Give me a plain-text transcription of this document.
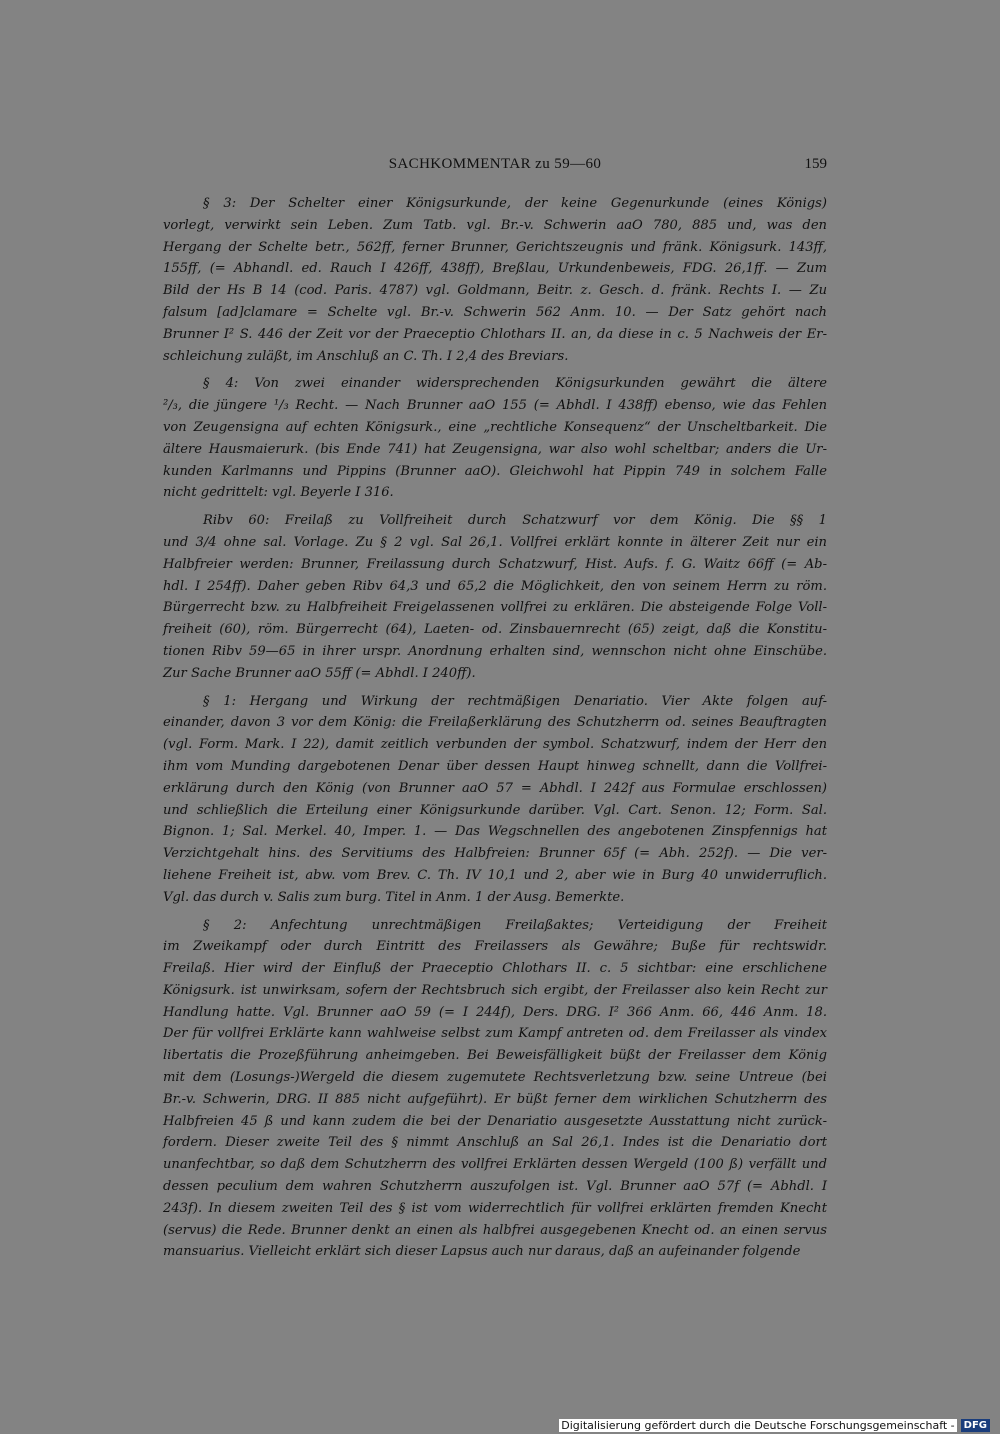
SACHKOMMENTAR zu 59—60	159
§ 3: Der Schelter einer Königsurkunde, der keine Gegenurkunde (eines Königs)
vorlegt, verwirkt sein Leben. Zum Tatb. vgl. Br.-v. Schwerin aaO 780, 885 und, was den
Hergang der Schelte betr., 562ff, ferner Brunner, Gerichtszeugnis und fränk. Königsurk. 143ff,
155ff, (= Abhandl. ed. Rauch I 426ff, 438ff), Breßlau, Urkundenbeweis, FDG. 26,1ff. — Zum
Bild der Hs B 14 (cod. Paris. 4787) vgl. Goldmann, Beitr. z. Gesch. d. fränk. Rechts I. — Zu
falsum [ad]clamare = Schelte vgl. Br.-v. Schwerin 562 Anm. 10. — Der Satz gehört nach
Brunner I² S. 446 der Zeit vor der Praeceptio Chlothars II. an, da diese in c. 5 Nachweis der Er-
schleichung zuläßt, im Anschluß an C. Th. I 2,4 des Breviars.
§ 4: Von zwei einander widersprechenden Königsurkunden gewährt die ältere
²/₃, die jüngere ¹/₃ Recht. — Nach Brunner aaO 155 (= Abhdl. I 438ff) ebenso, wie das Fehlen
von Zeugensigna auf echten Königsurk., eine „rechtliche Konsequenz“ der Unscheltbarkeit. Die
ältere Hausmaierurk. (bis Ende 741) hat Zeugensigna, war also wohl scheltbar; anders die Ur-
kunden Karlmanns und Pippins (Brunner aaO). Gleichwohl hat Pippin 749 in solchem Falle
nicht gedrittelt: vgl. Beyerle I 316.
Ribv 60: Freilaß zu Vollfreiheit durch Schatzwurf vor dem König. Die §§ 1
und 3/4 ohne sal. Vorlage. Zu § 2 vgl. Sal 26,1. Vollfrei erklärt konnte in älterer Zeit nur ein
Halbfreier werden: Brunner, Freilassung durch Schatzwurf, Hist. Aufs. f. G. Waitz 66ff (= Ab-
hdl. I 254ff). Daher geben Ribv 64,3 und 65,2 die Möglichkeit, den von seinem Herrn zu röm.
Bürgerrecht bzw. zu Halbfreiheit Freigelassenen vollfrei zu erklären. Die absteigende Folge Voll-
freiheit (60), röm. Bürgerrecht (64), Laeten- od. Zinsbauernrecht (65) zeigt, daß die Konstitu-
tionen Ribv 59—65 in ihrer urspr. Anordnung erhalten sind, wennschon nicht ohne Einschübe.
Zur Sache Brunner aaO 55ff (= Abhdl. I 240ff).
§ 1: Hergang und Wirkung der rechtmäßigen Denariatio. Vier Akte folgen auf-
einander, davon 3 vor dem König: die Freilaßerklärung des Schutzherrn od. seines Beauftragten
(vgl. Form. Mark. I 22), damit zeitlich verbunden der symbol. Schatzwurf, indem der Herr den
ihm vom Munding dargebotenen Denar über dessen Haupt hinweg schnellt, dann die Vollfrei-
erklärung durch den König (von Brunner aaO 57 = Abhdl. I 242f aus Formulae erschlossen)
und schließlich die Erteilung einer Königsurkunde darüber. Vgl. Cart. Senon. 12; Form. Sal.
Bignon. 1; Sal. Merkel. 40, Imper. 1. — Das Wegschnellen des angebotenen Zinspfennigs hat
Verzichtgehalt hins. des Servitiums des Halbfreien: Brunner 65f (= Abh. 252f). — Die ver-
liehene Freiheit ist, abw. vom Brev. C. Th. IV 10,1 und 2, aber wie in Burg 40 unwiderruflich.
Vgl. das durch v. Salis zum burg. Titel in Anm. 1 der Ausg. Bemerkte.
§ 2: Anfechtung unrechtmäßigen Freilaßaktes; Verteidigung der Freiheit
im Zweikampf oder durch Eintritt des Freilassers als Gewähre; Buße für rechtswidr.
Freilaß. Hier wird der Einfluß der Praeceptio Chlothars II. c. 5 sichtbar: eine erschlichene
Königsurk. ist unwirksam, sofern der Rechtsbruch sich ergibt, der Freilasser also kein Recht zur
Handlung hatte. Vgl. Brunner aaO 59 (= I 244f), Ders. DRG. I² 366 Anm. 66, 446 Anm. 18.
Der für vollfrei Erklärte kann wahlweise selbst zum Kampf antreten od. dem Freilasser als vindex
libertatis die Prozeßführung anheimgeben. Bei Beweisfälligkeit büßt der Freilasser dem König
mit dem (Losungs-)Wergeld die diesem zugemutete Rechtsverletzung bzw. seine Untreue (bei
Br.-v. Schwerin, DRG. II 885 nicht aufgeführt). Er büßt ferner dem wirklichen Schutzherrn des
Halbfreien 45 ß und kann zudem die bei der Denariatio ausgesetzte Ausstattung nicht zurück-
fordern. Dieser zweite Teil des § nimmt Anschluß an Sal 26,1. Indes ist die Denariatio dort
unanfechtbar, so daß dem Schutzherrn des vollfrei Erklärten dessen Wergeld (100 ß) verfällt und
dessen peculium dem wahren Schutzherrn auszufolgen ist. Vgl. Brunner aaO 57f (= Abhdl. I
243f). In diesem zweiten Teil des § ist vom widerrechtlich für vollfrei erklärten fremden Knecht
(servus) die Rede. Brunner denkt an einen als halbfrei ausgegebenen Knecht od. an einen servus
mansuarius. Vielleicht erklärt sich dieser Lapsus auch nur daraus, daß an aufeinander folgende
Digitalisierung gefördert durch die Deutsche Forschungsgemeinschaft - DFG
